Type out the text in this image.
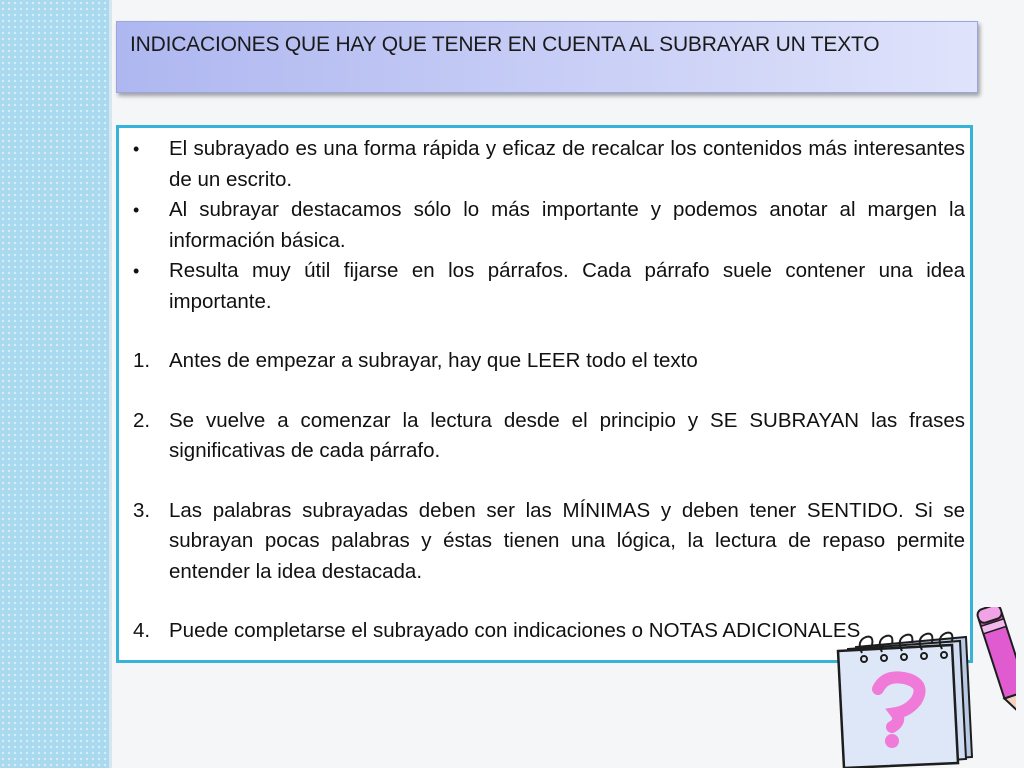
INDICACIONES QUE HAY QUE TENER EN CUENTA AL SUBRAYAR UN TEXTO
• El subrayado es una forma rápida y eficaz de recalcar los contenidos más interesantes de un escrito.
• Al subrayar destacamos sólo lo más importante y podemos anotar al margen la información básica.
• Resulta muy útil fijarse en los párrafos. Cada párrafo suele contener una idea importante.
1. Antes de empezar a subrayar, hay que LEER todo el texto
2. Se vuelve a comenzar la lectura desde el principio y SE SUBRAYAN las frases significativas de cada párrafo.
3. Las palabras subrayadas deben ser las MÍNIMAS y deben tener SENTIDO. Si se subrayan pocas palabras y éstas tienen una lógica, la lectura de repaso permite entender la idea destacada.
4. Puede completarse el subrayado con indicaciones o NOTAS ADICIONALES
